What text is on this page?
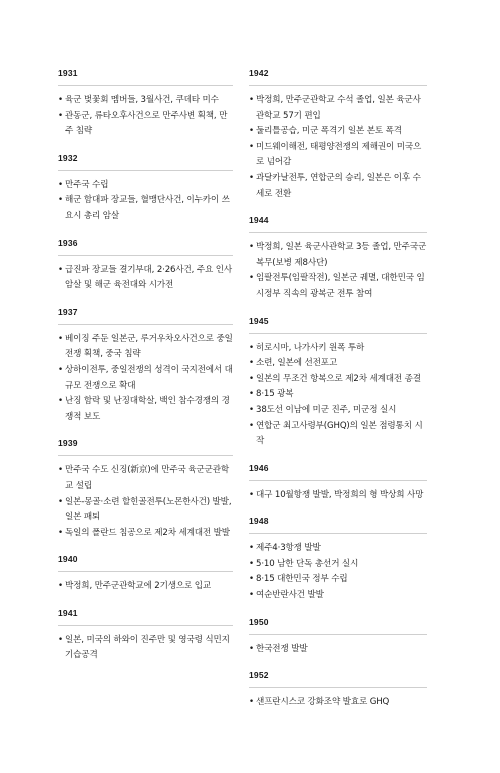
1931
• 육군 벚꽃회 멤버들, 3월사건, 쿠데타 미수
• 관동군, 류타오후사건으로 만주사변 획책, 만주 침략
1932
• 만주국 수립
• 해군 함대파 장교들, 혈맹단사건, 이누카이 쓰요시 총리 암살
1936
• 급진파 장교들 결기부대, 2·26사건, 주요 인사 암살 및 해군 육전대와 시가전
1937
• 베이징 주둔 일본군, 루거우차오사건으로 중일전쟁 획책, 중국 침략
• 상하이전투, 중일전쟁의 성격이 국지전에서 대규모 전쟁으로 확대
• 난징 함락 및 난징대학살, 백인 참수경쟁의 경쟁적 보도
1939
• 만주국 수도 신징(新京)에 만주국 육군군관학교 설립
• 일본-몽골·소련 할힌골전투(노몬한사건) 발발, 일본 패퇴
• 독일의 폴란드 침공으로 제2차 세계대전 발발
1940
• 박정희, 만주군관학교에 2기생으로 입교
1941
• 일본, 미국의 하와이 진주만 및 영국령 식민지 기습공격
1942
• 박정희, 만주군관학교 수석 졸업, 일본 육군사관학교 57기 편입
• 둘리틀공습, 미군 폭격기 일본 본토 폭격
• 미드웨이해전, 태평양전쟁의 제해권이 미국으로 넘어감
• 과달카날전투, 연합군의 승리, 일본은 이후 수세로 전환
1944
• 박정희, 일본 육군사관학교 3등 졸업, 만주국군 복무(보병 제8사단)
• 임팔전투(임팔작전), 일본군 궤멸, 대한민국 임시정부 직속의 광복군 전투 참여
1945
• 히로시마, 나가사키 원폭 투하
• 소련, 일본에 선전포고
• 일본의 무조건 항복으로 제2차 세계대전 종결
• 8·15 광복
• 38도선 이남에 미군 진주, 미군정 실시
• 연합군 최고사령부(GHQ)의 일본 점령통치 시작
1946
• 대구 10월항쟁 발발, 박정희의 형 박상희 사망
1948
• 제주4·3항쟁 발발
• 5·10 남한 단독 총선거 실시
• 8·15 대한민국 정부 수립
• 여순반란사건 발발
1950
• 한국전쟁 발발
1952
• 샌프란시스코 강화조약 발효로 GHQ
